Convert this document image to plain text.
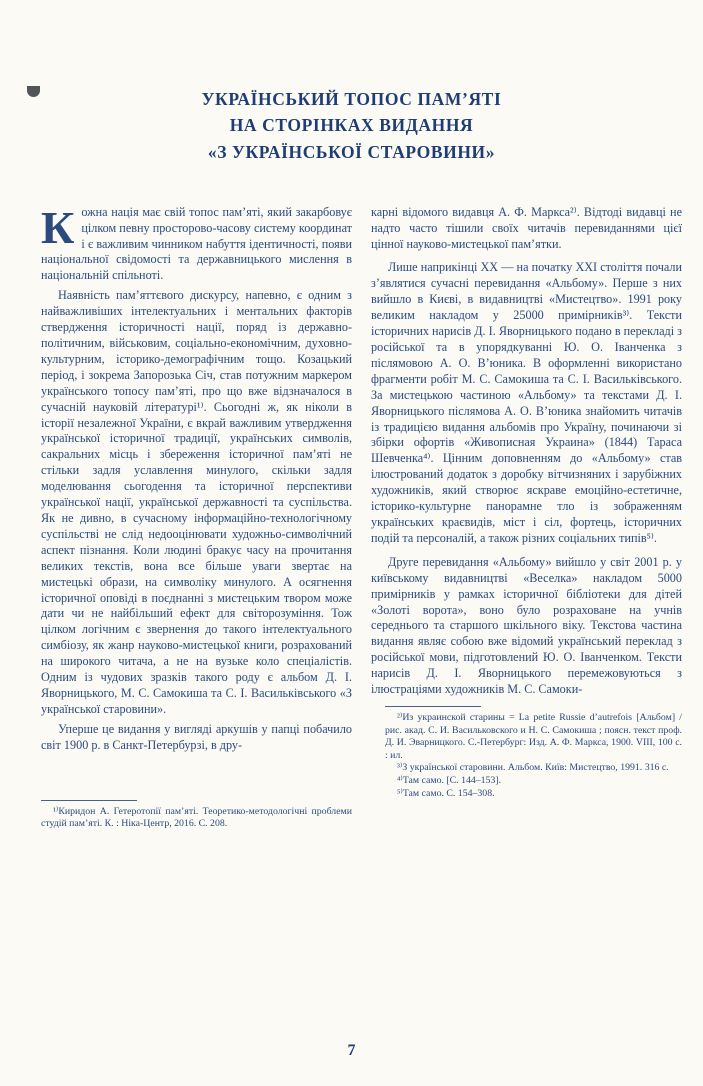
УКРАЇНСЬКИЙ ТОПОС ПАМ’ЯТІ
НА СТОРІНКАХ ВИДАННЯ
«З УКРАЇНСЬКОЇ СТАРОВИНИ»

Кожна нація має свій топос пам’яті, який закарбовує цілком певну просторово-часову систему координат і є важливим чинником набуття ідентичності, появи національної свідомості та державницького мислення в національній спільноті.

Наявність пам’яттєвого дискурсу, напевно, є одним з найважливіших інтелектуальних і ментальних факторів ствердження історичності нації, поряд із державно-політичним, військовим, соціально-економічним, духовно-культурним, історико-демографічним тощо. Козацький період, і зокрема Запорозька Січ, став потужним маркером українського топосу пам’яті, про що вже відзначалося в сучасній науковій літературі¹⁾. Сьогодні ж, як ніколи в історії незалежної України, є вкрай важливим утвердження української історичної традиції, українських символів, сакральних місць і збереження історичної пам’яті не стільки задля уславлення минулого, скільки задля моделювання сьогодення та історичної перспективи української нації, української державності та суспільства. Як не дивно, в сучасному інформаційно-технологічному суспільстві не слід недооцінювати художньо-символічний аспект пізнання. Коли людині бракує часу на прочитання великих текстів, вона все більше уваги звертає на мистецькі образи, на символіку минулого. А осягнення історичної оповіді в поєднанні з мистецьким твором може дати чи не найбільший ефект для світорозуміння. Тож цілком логічним є звернення до такого інтелектуального симбіозу, як жанр науково-мистецької книги, розрахований на широкого читача, а не на вузьке коло спеціалістів. Одним із чудових зразків такого роду є альбом Д. І. Яворницького, М. С. Самокиша та С. І. Васильківського «З української старовини».

Уперше це видання у вигляді аркушів у папці побачило світ 1900 р. в Санкт-Петербурзі, в дру-

¹⁾Киридон А. Гетеротопії пам’яті. Теоретико-методологічні проблеми студій пам’яті. К. : Ніка-Центр, 2016. С. 208.

карні відомого видавця А. Ф. Маркса²⁾. Відтоді видавці не надто часто тішили своїх читачів перевиданнями цієї цінної науково-мистецької пам’ятки.

Лише наприкінці XX — на початку XXI століття почали з’являтися сучасні перевидання «Альбому». Перше з них вийшло в Києві, в видавництві «Мистецтво». 1991 року великим накладом у 25000 примірників³⁾. Тексти історичних нарисів Д. І. Яворницького подано в перекладі з російської та в упорядкуванні Ю. О. Іванченка з післямовою А. О. В’юника. В оформленні використано фрагменти робіт М. С. Самокиша та С. І. Васильківського. За мистецькою частиною «Альбому» та текстами Д. І. Яворницького післямова А. О. В’юника знайомить читачів із традицією видання альбомів про Україну, починаючи зі збірки офортів «Живописная Украина» (1844) Тараса Шевченка⁴⁾. Цінним доповненням до «Альбому» став ілюстрований додаток з доробку вітчизняних і зарубіжних художників, який створює яскраве емоційно-естетичне, історико-культурне панорамне тло із зображенням українських краєвидів, міст і сіл, фортець, історичних подій та персоналій, а також різних соціальних типів⁵⁾.

Друге перевидання «Альбому» вийшло у світ 2001 р. у київському видавництві «Веселка» накладом 5000 примірників у рамках історичної бібліотеки для дітей «Золоті ворота», воно було розраховане на учнів середнього та старшого шкільного віку. Текстова частина видання являє собою вже відомий український переклад з російської мови, підготовлений Ю. О. Іванченком. Тексти нарисів Д. І. Яворницького перемежовуються з ілюстраціями художників М. С. Самоки-

²⁾Из украинской старины = La petite Russie d’autrefois [Альбом] / рис. акад. С. И. Васильковского и Н. С. Самокиша ; поясн. текст проф. Д. И. Эварницкого. С.-Петербург: Изд. А. Ф. Маркса, 1900. VIII, 100 с. : ил.

³⁾З української старовини. Альбом. Київ: Мистецтво, 1991. 316 с.

⁴⁾Там само. [С. 144–153].

⁵⁾Там само. С. 154–308.

7
